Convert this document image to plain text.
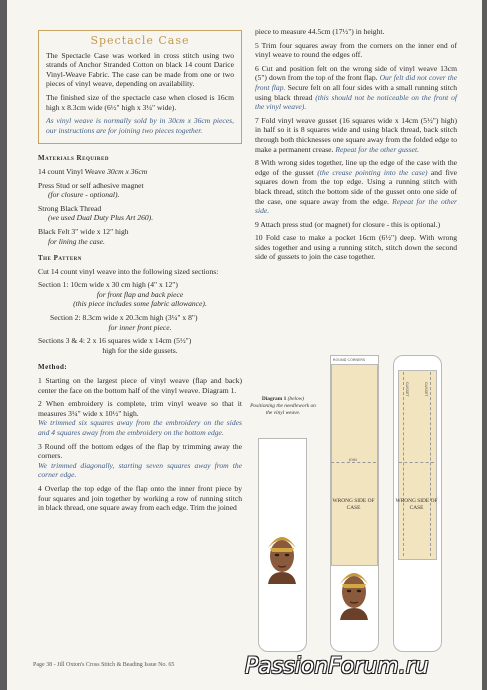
Spectacle Case

The Spectacle Case was worked in cross stitch using two strands of Anchor Stranded Cotton on black 14 count Darice Vinyl-Weave Fabric. The case can be made from one or two pieces of vinyl weave, depending on availability.

The finished size of the spectacle case when closed is 16cm high x 8.3cm wide (6½" high x 3¼" wide).

As vinyl weave is normally sold by in 30cm x 36cm pieces, our instructions are for joining two pieces together.

Materials Required

14 count Vinyl Weave 30cm x 36cm

Press Stud or self adhesive magnet
(for closure - optional).

Strong Black Thread
(we used Dual Duty Plus Art 260).

Black Felt 3" wide x 12" high
for lining the case.

The Pattern

Cut 14 count vinyl weave into the following sized sections:

Section 1: 10cm wide x 30 cm high (4" x 12")

for front flap and back piece
(this piece includes some fabric allowance).

Section 2: 8.3cm wide x 20.3cm high (3¼" x 8")
for inner front piece.

Sections 3 & 4: 2 x 16 squares wide x 14cm (5½")

high for the side gussets.

Method:

1 Starting on the largest piece of vinyl weave (flap and back) center the face on the bottom half of the vinyl weave. Diagram 1.

2 When embroidery is complete, trim vinyl weave so that it measures 3¼" wide x 10½" high.
We trimmed six squares away from the embroidery on the sides and 4 squares away from the embroidery on the bottom edge.

3 Round off the bottom edges of the flap by trimming away the corners.
We trimmed diagonally, starting seven squares away from the corner edge.

4 Overlap the top edge of the flap onto the inner front piece by four squares and join together by working a row of running stitch in black thread, one square away from each edge. Trim the joined

piece to measure 44.5cm (17½") in height.

5 Trim four squares away from the corners on the inner end of vinyl weave to round the edges off.

6 Cut and position felt on the wrong side of vinyl weave 13cm (5") down from the top of the front flap. Our felt did not cover the front flap. Secure felt on all four sides with a small running stitch using black thread (this should not be noticeable on the front of the vinyl weave).

7 Fold vinyl weave gusset (16 squares wide x 14cm (5½") high) in half so it is 8 squares wide and using black thread, back stitch through both thicknesses one square away from the folded edge to make a permanent crease. Repeat for the other gusset.

8 With wrong sides together, line up the edge of the case with the edge of the gusset (the crease pointing into the case) and five squares down from the top edge. Using a running stitch with black thread, stitch the bottom side of the gusset onto one side of the case, one square away from the edge. Repeat for the other side.

9 Attach press stud (or magnet) for closure - this is optional.)

10 Fold case to make a pocket 16cm (6½") deep. With wrong sides together and using a running stitch, stitch down the second side of gussets to join the case together.

Diagram 1 (below)
Positioning the needlework on the vinyl weave.
ROUND CORNERS
JOIN
WRONG SIDE OF CASE
GUSSET	GUSSET
WRONG SIDE OF CASE
Page 38 - Jill Oxton's Cross Stitch & Beading Issue No. 65	PassionForum.ru
